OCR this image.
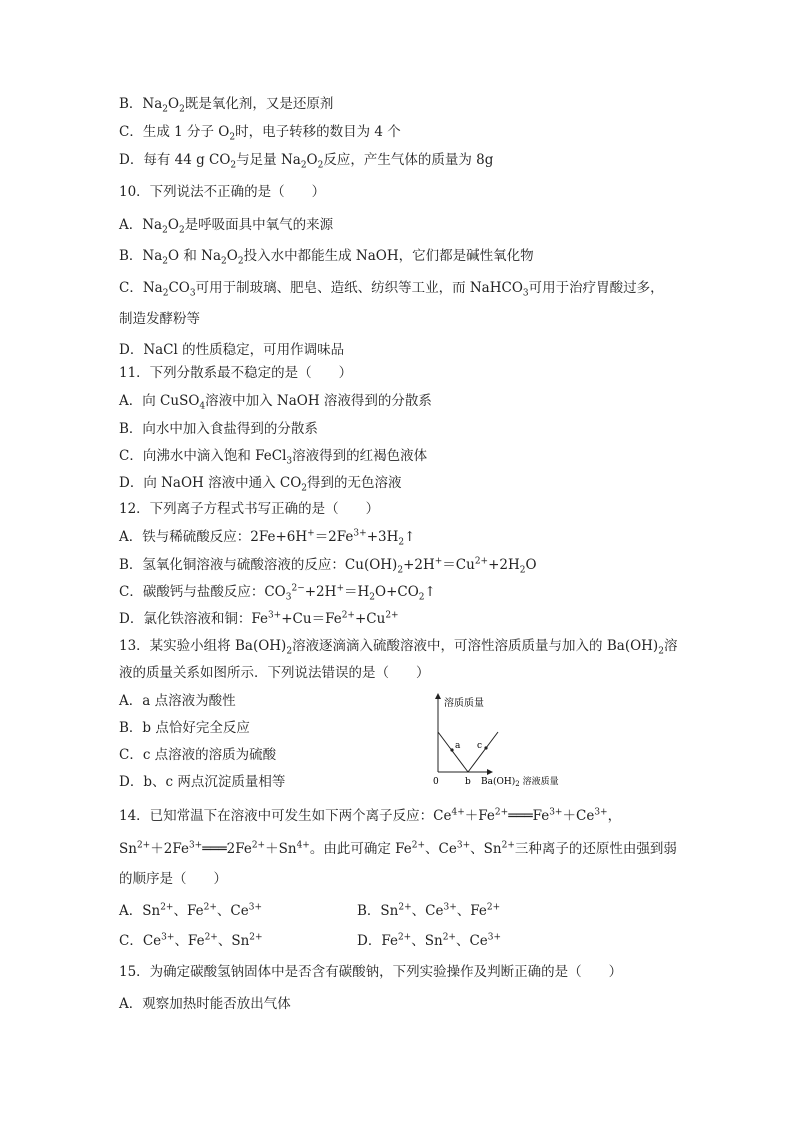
B．$Na_2O_2$既是氧化剂，又是还原剂
C．生成 1 分子 $O_2$时，电子转移的数目为 4 个
D．每有 44 g $CO_2$与足量 $Na_2O_2$反应，产生气体的质量为 8g
10．下列说法不正确的是（　　）
A．$Na_2O_2$是呼吸面具中氧气的来源
B．$Na_2O$ 和 $Na_2O_2$投入水中都能生成 NaOH，它们都是碱性氧化物
C．$Na_2CO_3$可用于制玻璃、肥皂、造纸、纺织等工业，而 NaHCO$_3$可用于治疗胃酸过多，
制造发酵粉等
D．NaCl 的性质稳定，可用作调味品
11．下列分散系最不稳定的是（　　）
A．向 CuSO$_4$溶液中加入 NaOH 溶液得到的分散系
B．向水中加入食盐得到的分散系
C．向沸水中滴入饱和 FeCl$_3$溶液得到的红褐色液体
D．向 NaOH 溶液中通入 $CO_2$得到的无色溶液
12．下列离子方程式书写正确的是（　　）
A．铁与稀硫酸反应：$2Fe+6H^+=2Fe^{3+}+3H_2↑$
B．氢氧化铜溶液与硫酸溶液的反应：$Cu(OH)_2+2H^+=Cu^{2+}+2H_2O$
C．碳酸钙与盐酸反应：$CO_3^{2-}+2H^+=H_2O+CO_2↑$
D．氯化铁溶液和铜：$Fe^{3+}+Cu=Fe^{2+}+Cu^{2+}$
13．某实验小组将 $Ba(OH)_2$溶液逐滴滴入硫酸溶液中，可溶性溶质质量与加入的 $Ba(OH)_2$溶
液的质量关系如图所示．下列说法错误的是（　　）
A．a 点溶液为酸性
B．b 点恰好完全反应
C．c 点溶液的溶质为硫酸
D．b、c 两点沉淀质量相等
溶质质量
0
a
b
c
$Ba(OH)_2$ 溶液质量
14．已知常温下在溶液中可发生如下两个离子反应：$Ce^{4+}+Fe^{2+}═══Fe^{3+}+Ce^{3+}$，
$Sn^{2+}+2Fe^{3+}═══2Fe^{2+}+Sn^{4+}$。由此可确定 $Fe^{2+}$、$Ce^{3+}$、$Sn^{2+}$三种离子的还原性由强到弱
的顺序是（　　）
A．$Sn^{2+}$、$Fe^{2+}$、$Ce^{3+}$	B．$Sn^{2+}$、$Ce^{3+}$、$Fe^{2+}$
C．$Ce^{3+}$、$Fe^{2+}$、$Sn^{2+}$	D．$Fe^{2+}$、$Sn^{2+}$、$Ce^{3+}$
15．为确定碳酸氢钠固体中是否含有碳酸钠，下列实验操作及判断正确的是（　　）
A．观察加热时能否放出气体
